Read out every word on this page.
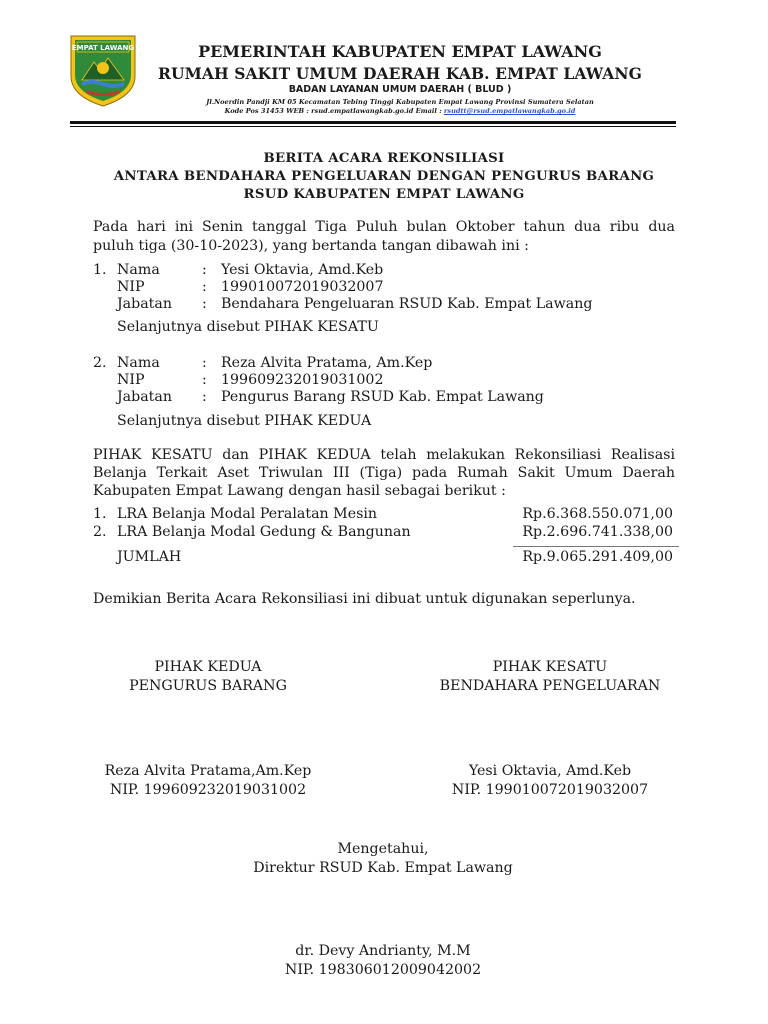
EMPAT LAWANG	PEMERINTAH KABUPATEN EMPAT LAWANG
RUMAH SAKIT UMUM DAERAH KAB. EMPAT LAWANG
BADAN LAYANAN UMUM DAERAH ( BLUD )
Jl.Noerdin Pandji KM 05 Kecamatan Tebing Tinggi Kabupaten Empat Lawang Provinsi Sumatera Selatan
Kode Pos 31453 WEB : rsud.empatlawangkab.go.id Email : rsudtt@rsud.empatlawangkab.go.id
BERITA ACARA REKONSILIASI
ANTARA BENDAHARA PENGELUARAN DENGAN PENGURUS BARANG
RSUD KABUPATEN EMPAT LAWANG
Pada hari ini Senin tanggal Tiga Puluh bulan Oktober tahun dua ribu dua
puluh tiga (30-10-2023), yang bertanda tangan dibawah ini :
1. Nama	: Yesi Oktavia, Amd.Keb
NIP	: 199010072019032007
Jabatan : Bendahara Pengeluaran RSUD Kab. Empat Lawang
Selanjutnya disebut PIHAK KESATU
2. Nama	: Reza Alvita Pratama, Am.Kep
NIP	: 199609232019031002
Jabatan : Pengurus Barang RSUD Kab. Empat Lawang
Selanjutnya disebut PIHAK KEDUA
PIHAK KESATU dan PIHAK KEDUA telah melakukan Rekonsiliasi Realisasi
Belanja Terkait Aset Triwulan III (Tiga) pada Rumah Sakit Umum Daerah
Kabupaten Empat Lawang dengan hasil sebagai berikut :
1. LRA Belanja Modal Peralatan Mesin	Rp.6.368.550.071,00
2. LRA Belanja Modal Gedung & Bangunan	Rp.2.696.741.338,00
JUMLAH	Rp.9.065.291.409,00
Demikian Berita Acara Rekonsiliasi ini dibuat untuk digunakan seperlunya.
PIHAK KEDUA
PENGURUS BARANG
PIHAK KESATU
BENDAHARA PENGELUARAN
Reza Alvita Pratama,Am.Kep
NIP. 199609232019031002
Yesi Oktavia, Amd.Keb
NIP. 199010072019032007
Mengetahui,
Direktur RSUD Kab. Empat Lawang
dr. Devy Andrianty, M.M
NIP. 198306012009042002
